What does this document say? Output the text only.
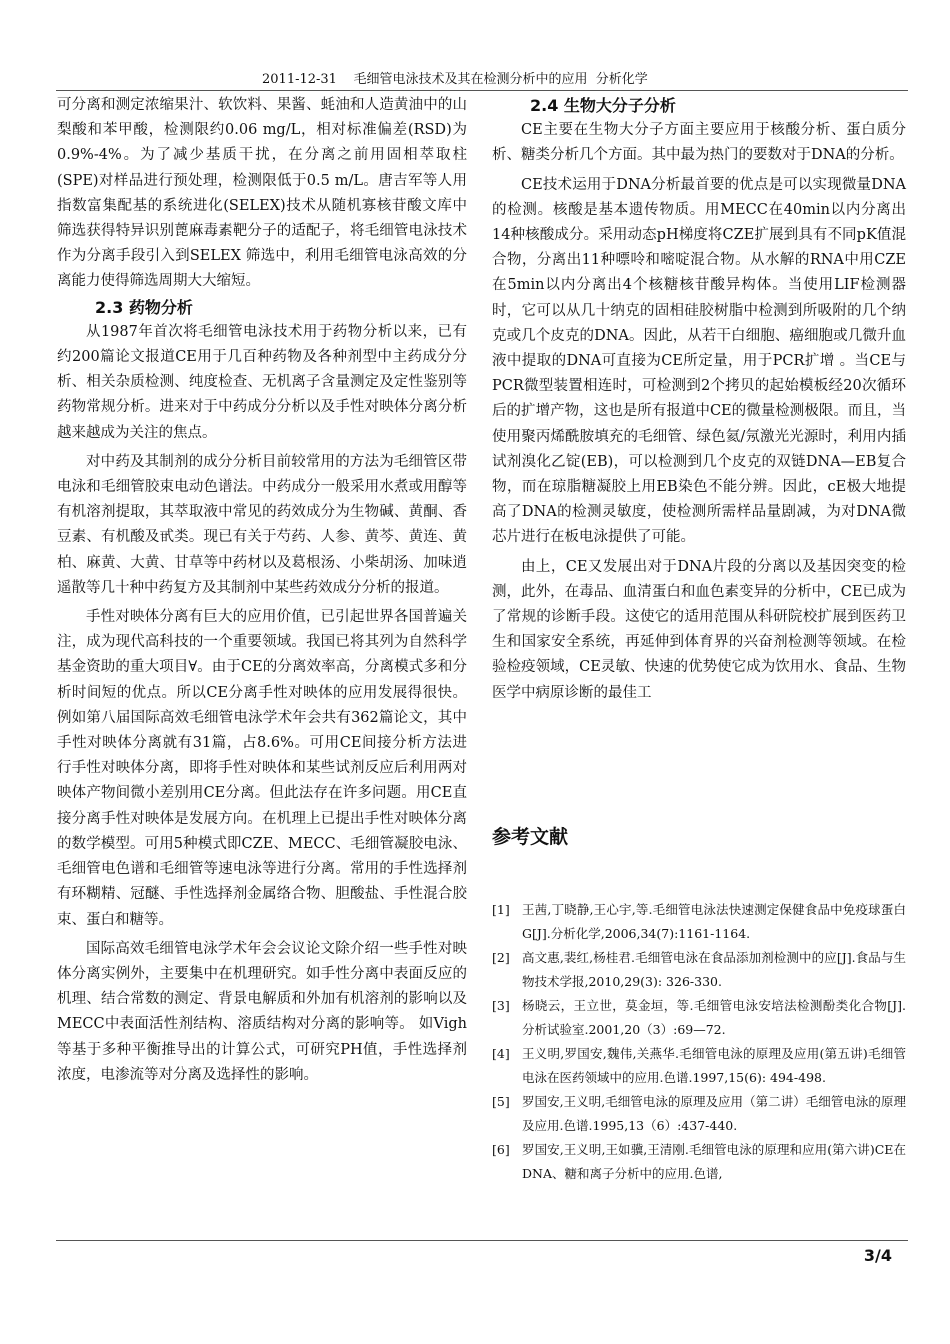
2011-12-31    毛细管电泳技术及其在检测分析中的应用  分析化学

可分离和测定浓缩果汁、软饮料、果酱、蚝油和人造黄油中的山梨酸和苯甲酸，检测限约0.06 mg/L，相对标准偏差(RSD)为0.9%-4%。为了减少基质干扰，在分离之前用固相萃取柱(SPE)对样品进行预处理，检测限低于0.5 m/L。唐吉军等人用指数富集配基的系统进化(SELEX)技术从随机寡核苷酸文库中筛选获得特异识别蓖麻毒素靶分子的适配子，将毛细管电泳技术作为分离手段引入到SELEX 筛选中，利用毛细管电泳高效的分离能力使得筛选周期大大缩短。

2.3 药物分析

从1987年首次将毛细管电泳技术用于药物分析以来，已有约200篇论文报道CE用于几百种药物及各种剂型中主药成分分析、相关杂质检测、纯度检查、无机离子含量测定及定性鉴别等药物常规分析。进来对于中药成分分析以及手性对映体分离分析越来越成为关注的焦点。

对中药及其制剂的成分分析目前较常用的方法为毛细管区带电泳和毛细管胶束电动色谱法。中药成分一般采用水煮或用醇等有机溶剂提取，其萃取液中常见的药效成分为生物碱、黄酮、香豆素、有机酸及甙类。现已有关于芍药、人参、黄芩、黄连、黄柏、麻黄、大黄、甘草等中药材以及葛根汤、小柴胡汤、加味逍遥散等几十种中药复方及其制剂中某些药效成分分析的报道。

手性对映体分离有巨大的应用价值，已引起世界各国普遍关注，成为现代高科技的一个重要领域。我国已将其列为自然科学基金资助的重大项目∀。由于CE的分离效率高，分离模式多和分析时间短的优点。所以CE分离手性对映体的应用发展得很快。例如第八届国际高效毛细管电泳学术年会共有362篇论文，其中手性对映体分离就有31篇，占8.6%。可用CE间接分析方法进行手性对映体分离，即将手性对映体和某些试剂反应后利用两对映体产物间微小差别用CE分离。但此法存在许多问题。用CE直接分离手性对映体是发展方向。在机理上已提出手性对映体分离的数学模型。可用5种模式即CZE、MECC、毛细管凝胶电泳、毛细管电色谱和毛细管等速电泳等进行分离。常用的手性选择剂有环糊精、冠醚、手性选择剂金属络合物、胆酸盐、手性混合胶束、蛋白和糖等。

国际高效毛细管电泳学术年会会议论文除介绍一些手性对映体分离实例外，主要集中在机理研究。如手性分离中表面反应的机理、结合常数的测定、背景电解质和外加有机溶剂的影响以及MECC中表面活性剂结构、溶质结构对分离的影响等。 如Vigh等基于多种平衡推导出的计算公式，可研究PH值，手性选择剂浓度，电渗流等对分离及选择性的影响。

2.4 生物大分子分析

CE主要在生物大分子方面主要应用于核酸分析、蛋白质分析、糖类分析几个方面。其中最为热门的要数对于DNA的分析。

CE技术运用于DNA分析最首要的优点是可以实现微量DNA的检测。核酸是基本遗传物质。用MECC在40min以内分离出14种核酸成分。采用动态pH梯度将CZE扩展到具有不同pK值混合物，分离出11种嘌呤和嘧啶混合物。从水解的RNA中用CZE在5min以内分离出4个核糖核苷酸异构体。当使用LIF检测器时，它可以从几十纳克的固相硅胶树脂中检测到所吸附的几个纳克或几个皮克的DNA。因此，从若干白细胞、癌细胞或几微升血液中提取的DNA可直接为CE所定量，用于PCR扩增 。当CE与PCR微型装置相连时，可检测到2个拷贝的起始模板经20次循环后的扩增产物，这也是所有报道中CE的微量检测极限。而且，当使用聚丙烯酰胺填充的毛细管、绿色氦/氖激光光源时，利用内插试剂溴化乙锭(EB)，可以检测到几个皮克的双链DNA—EB复合物，而在琼脂糖凝胶上用EB染色不能分辨。因此，cE极大地提高了DNA的检测灵敏度，使检测所需样品量剧减，为对DNA微芯片进行在板电泳提供了可能。

由上，CE又发展出对于DNA片段的分离以及基因突变的检测，此外，在毒品、血清蛋白和血色素变异的分析中，CE已成为了常规的诊断手段。这使它的适用范围从科研院校扩展到医药卫生和国家安全系统，再延伸到体育界的兴奋剂检测等领域。在检验检疫领域，CE灵敏、快速的优势使它成为饮用水、食品、生物医学中病原诊断的最佳工

参考文献
[1] 王茜,丁晓静,王心宇,等.毛细管电泳法快速测定保健食品中免疫球蛋白G[J].分析化学,2006,34(7):1161-1164.
[2] 高文惠,裴红,杨桂君.毛细管电泳在食品添加剂检测中的应[J].食品与生物技术学报,2010,29(3): 326-330.
[3] 杨晓云，王立世，莫金垣，等.毛细管电泳安培法检测酚类化合物[J].分析试验室.2001,20（3）:69—72.
[4] 王义明,罗国安,魏伟,关燕华.毛细管电泳的原理及应用(第五讲)毛细管电泳在医药领域中的应用.色谱.1997,15(6): 494-498.
[5] 罗国安,王义明,毛细管电泳的原理及应用（第二讲）毛细管电泳的原理及应用.色谱.1995,13（6）:437-440.
[6] 罗国安,王义明,王如骥,王清刚.毛细管电泳的原理和应用(第六讲)CE在DNA、糖和离子分析中的应用.色谱,
3/4
